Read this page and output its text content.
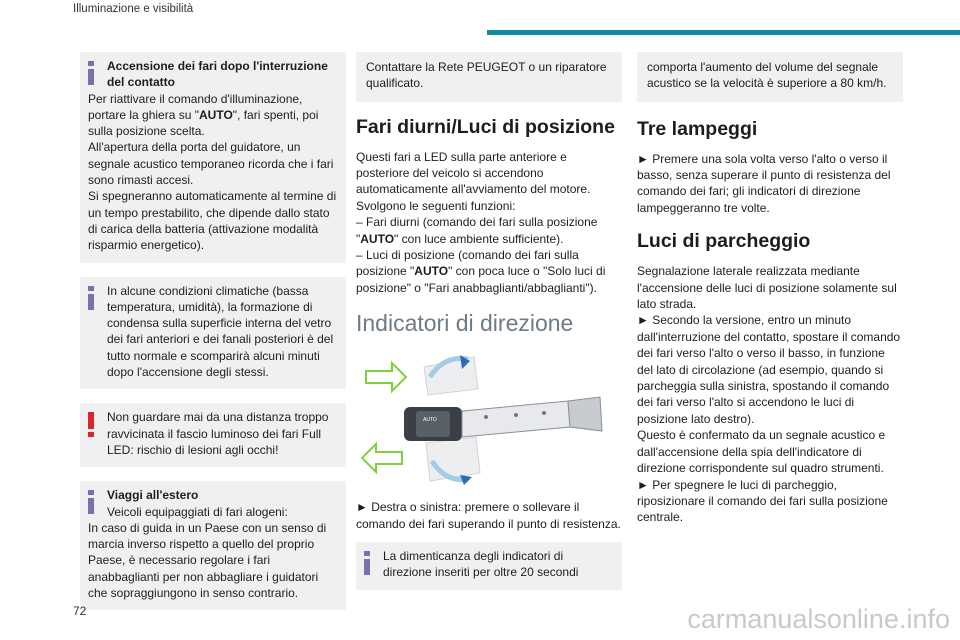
Illuminazione e visibilità

Accensione dei fari dopo l'interruzione del contatto

Per riattivare il comando d'illuminazione, portare la ghiera su "AUTO", fari spenti, poi sulla posizione scelta.

All'apertura della porta del guidatore, un segnale acustico temporaneo ricorda che i fari sono rimasti accesi.

Si spegneranno automaticamente al termine di un tempo prestabilito, che dipende dallo stato di carica della batteria (attivazione modalità risparmio energetico).

In alcune condizioni climatiche (bassa temperatura, umidità), la formazione di condensa sulla superficie interna del vetro dei fari anteriori e dei fanali posteriori è del tutto normale e scomparirà alcuni minuti dopo l'accensione degli stessi.

Non guardare mai da una distanza troppo ravvicinata il fascio luminoso dei fari Full LED: rischio di lesioni agli occhi!

Viaggi all'estero

Veicoli equipaggiati di fari alogeni:

In caso di guida in un Paese con un senso di marcia inverso rispetto a quello del proprio Paese, è necessario regolare i fari anabbaglianti per non abbagliare i guidatori che sopraggiungono in senso contrario.

Contattare la Rete PEUGEOT o un riparatore qualificato.

Fari diurni/Luci di posizione

Questi fari a LED sulla parte anteriore e posteriore del veicolo si accendono automaticamente all'avviamento del motore.

Svolgono le seguenti funzioni:

– Fari diurni (comando dei fari sulla posizione "AUTO" con luce ambiente sufficiente).

– Luci di posizione (comando dei fari sulla posizione "AUTO" con poca luce o "Solo luci di posizione" o "Fari anabbaglianti/abbaglianti").

Indicatori di direzione
AUTO

► Destra o sinistra: premere o sollevare il comando dei fari superando il punto di resistenza.

La dimenticanza degli indicatori di direzione inseriti per oltre 20 secondi

comporta l'aumento del volume del segnale acustico se la velocità è superiore a 80 km/h.

Tre lampeggi

► Premere una sola volta verso l'alto o verso il basso, senza superare il punto di resistenza del comando dei fari; gli indicatori di direzione lampeggeranno tre volte.

Luci di parcheggio

Segnalazione laterale realizzata mediante l'accensione delle luci di posizione solamente sul lato strada.

► Secondo la versione, entro un minuto dall'interruzione del contatto, spostare il comando dei fari verso l'alto o verso il basso, in funzione del lato di circolazione (ad esempio, quando si parcheggia sulla sinistra, spostando il comando dei fari verso l'alto si accendono le luci di posizione lato destro).

Questo è confermato da un segnale acustico e dall'accensione della spia dell'indicatore di direzione corrispondente sul quadro strumenti.

► Per spegnere le luci di parcheggio, riposizionare il comando dei fari sulla posizione centrale.

72	carmanualsonline.info
